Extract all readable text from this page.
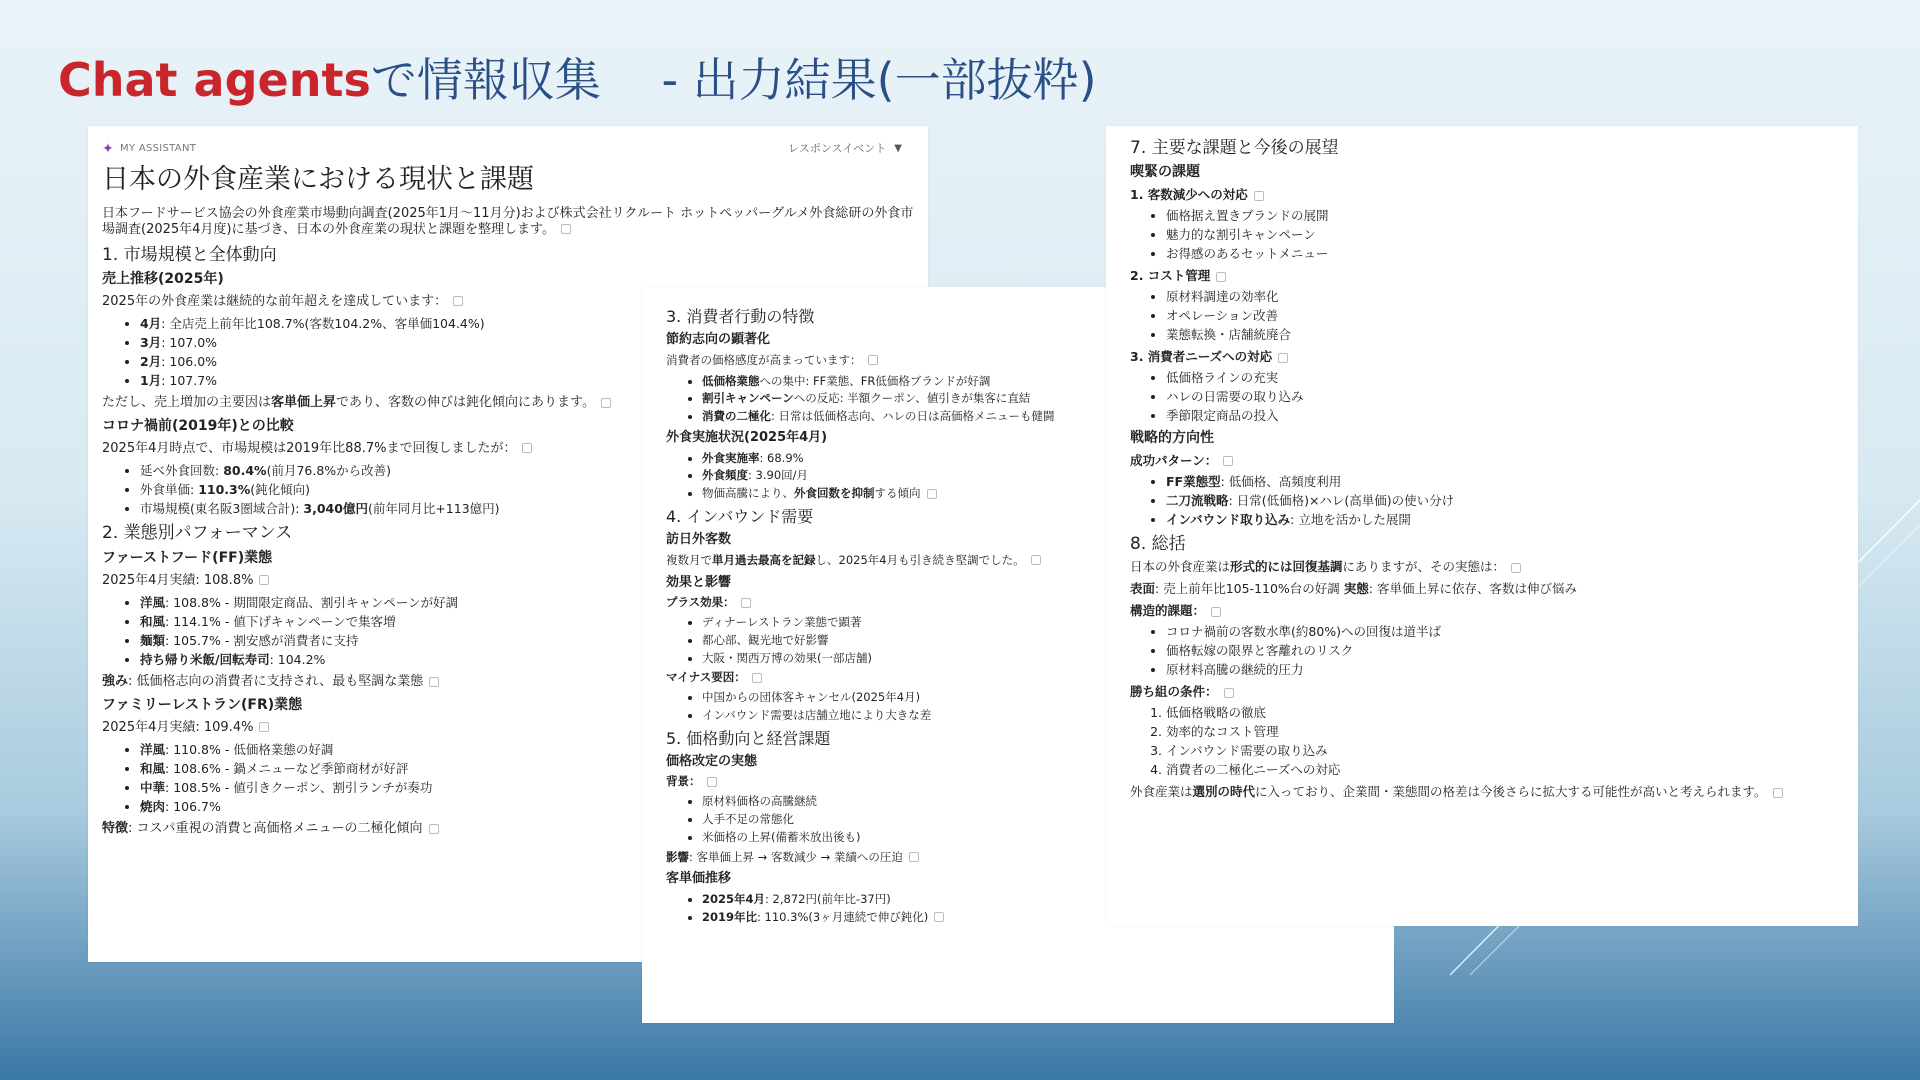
Chat agentsで情報収集　 - 出力結果(一部抜粋)
✦ MY ASSISTANT	レスポンスイベント ▼
日本の外食産業における現状と課題

日本フードサービス協会の外食産業市場動向調査(2025年1月〜11月分)および株式会社リクルート ホットペッパーグルメ外食総研の外食市場調査(2025年4月度)に基づき、日本の外食産業の現状と課題を整理します。

1. 市場規模と全体動向
売上推移(2025年)

2025年の外食産業は継続的な前年超えを達成しています：

• 4月: 全店売上前年比108.7%(客数104.2%、客単価104.4%)
• 3月: 107.0%
• 2月: 106.0%
• 1月: 107.7%

ただし、売上増加の主要因は客単価上昇であり、客数の伸びは鈍化傾向にあります。

コロナ禍前(2019年)との比較

2025年4月時点で、市場規模は2019年比88.7%まで回復しましたが：

• 延べ外食回数: 80.4%(前月76.8%から改善)
• 外食単価: 110.3%(鈍化傾向)
• 市場規模(東名阪3圏域合計): 3,040億円(前年同月比+113億円)
2. 業態別パフォーマンス
ファーストフード(FF)業態

2025年4月実績: 108.8%

• 洋風: 108.8% - 期間限定商品、割引キャンペーンが好調
• 和風: 114.1% - 値下げキャンペーンで集客増
• 麺類: 105.7% - 割安感が消費者に支持
• 持ち帰り米飯/回転寿司: 104.2%

強み: 低価格志向の消費者に支持され、最も堅調な業態

ファミリーレストラン(FR)業態

2025年4月実績: 109.4%

• 洋風: 110.8% - 低価格業態の好調
• 和風: 108.6% - 鍋メニューなど季節商材が好評
• 中華: 108.5% - 値引きクーポン、割引ランチが奏功
• 焼肉: 106.7%

特徴: コスパ重視の消費と高価格メニューの二極化傾向

3. 消費者行動の特徴
節約志向の顕著化

消費者の価格感度が高まっています：

• 低価格業態への集中: FF業態、FR低価格ブランドが好調
• 割引キャンペーンへの反応: 半額クーポン、値引きが集客に直結
• 消費の二極化: 日常は低価格志向、ハレの日は高価格メニューも健闘
外食実施状況(2025年4月)
• 外食実施率: 68.9%
• 外食頻度: 3.90回/月
• 物価高騰により、外食回数を抑制する傾向
4. インバウンド需要
訪日外客数

複数月で単月過去最高を記録し、2025年4月も引き続き堅調でした。

効果と影響
プラス効果：
• ディナーレストラン業態で顕著
• 都心部、観光地で好影響
• 大阪・関西万博の効果(一部店舗)
マイナス要因：
• 中国からの団体客キャンセル(2025年4月)
• インバウンド需要は店舗立地により大きな差
5. 価格動向と経営課題
価格改定の実態
背景：
• 原材料価格の高騰継続
• 人手不足の常態化
• 米価格の上昇(備蓄米放出後も)

影響: 客単価上昇 → 客数減少 → 業績への圧迫

客単価推移
• 2025年4月: 2,872円(前年比-37円)
• 2019年比: 110.3%(3ヶ月連続で伸び鈍化)
7. 主要な課題と今後の展望
喫緊の課題
1. 客数減少への対応
• 価格据え置きブランドの展開
• 魅力的な割引キャンペーン
• お得感のあるセットメニュー
2. コスト管理
• 原材料調達の効率化
• オペレーション改善
• 業態転換・店舗統廃合
3. 消費者ニーズへの対応
• 低価格ラインの充実
• ハレの日需要の取り込み
• 季節限定商品の投入
戦略的方向性
成功パターン：
• FF業態型: 低価格、高頻度利用
• 二刀流戦略: 日常(低価格)×ハレ(高単価)の使い分け
• インバウンド取り込み: 立地を活かした展開
8. 総括

日本の外食産業は形式的には回復基調にありますが、その実態は：

表面: 売上前年比105-110%台の好調 実態: 客単価上昇に依存、客数は伸び悩み

構造的課題：
• コロナ禍前の客数水準(約80%)への回復は道半ば
• 価格転嫁の限界と客離れのリスク
• 原材料高騰の継続的圧力
勝ち組の条件：
1. 低価格戦略の徹底
2. 効率的なコスト管理
3. インバウンド需要の取り込み
4. 消費者の二極化ニーズへの対応

外食産業は選別の時代に入っており、企業間・業態間の格差は今後さらに拡大する可能性が高いと考えられます。
